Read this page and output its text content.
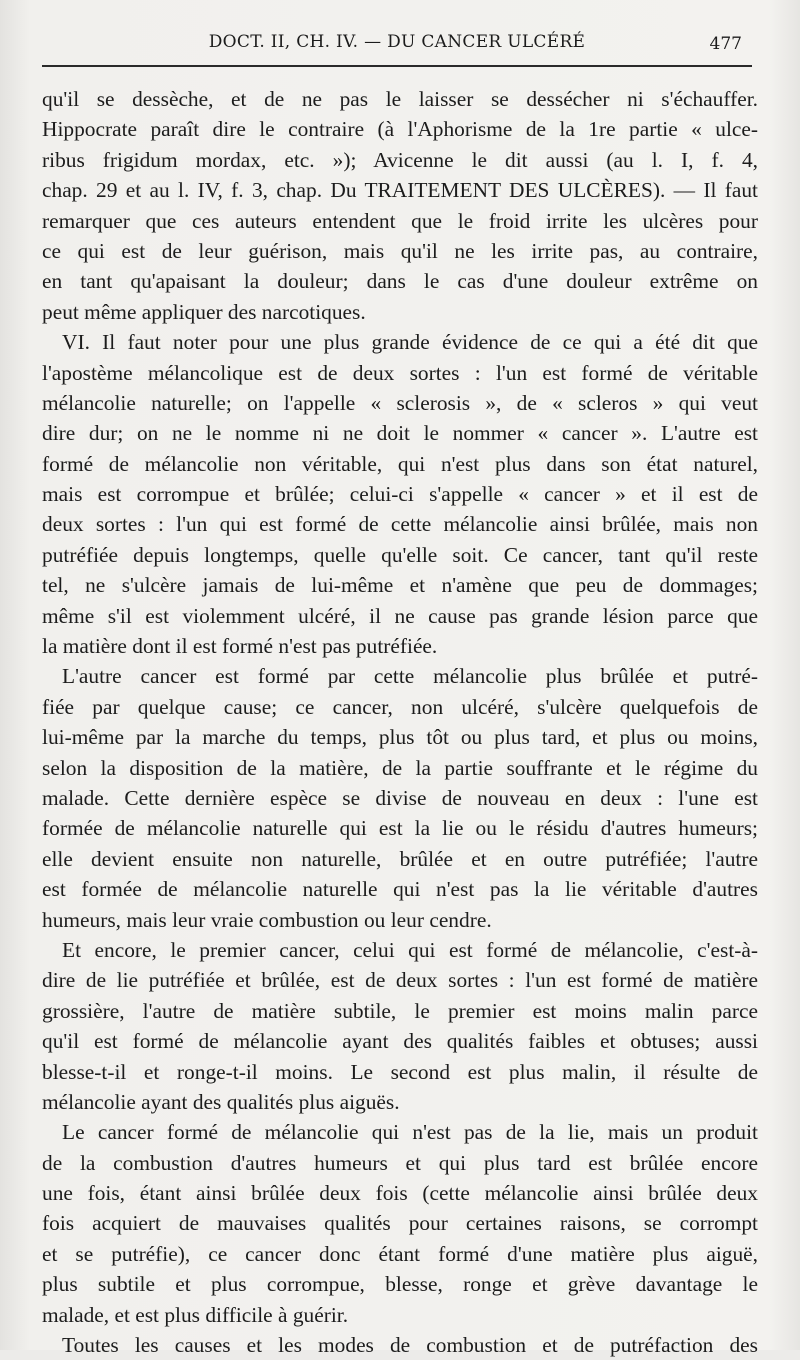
DOCT. II, CH. IV. — DU CANCER ULCÉRÉ	477
qu'il se dessèche, et de ne pas le laisser se dessécher ni s'échauffer.
Hippocrate paraît dire le contraire (à l'Aphorisme de la 1re partie « ulce-
ribus frigidum mordax, etc. »); Avicenne le dit aussi (au l. I, f. 4,
chap. 29 et au l. IV, f. 3, chap. Du TRAITEMENT DES ULCÈRES). — Il faut
remarquer que ces auteurs entendent que le froid irrite les ulcères pour
ce qui est de leur guérison, mais qu'il ne les irrite pas, au contraire,
en tant qu'apaisant la douleur; dans le cas d'une douleur extrême on
peut même appliquer des narcotiques.
VI. Il faut noter pour une plus grande évidence de ce qui a été dit que
l'apostème mélancolique est de deux sortes : l'un est formé de véritable
mélancolie naturelle; on l'appelle « sclerosis », de « scleros » qui veut
dire dur; on ne le nomme ni ne doit le nommer « cancer ». L'autre est
formé de mélancolie non véritable, qui n'est plus dans son état naturel,
mais est corrompue et brûlée; celui-ci s'appelle « cancer » et il est de
deux sortes : l'un qui est formé de cette mélancolie ainsi brûlée, mais non
putréfiée depuis longtemps, quelle qu'elle soit. Ce cancer, tant qu'il reste
tel, ne s'ulcère jamais de lui-même et n'amène que peu de dommages;
même s'il est violemment ulcéré, il ne cause pas grande lésion parce que
la matière dont il est formé n'est pas putréfiée.
L'autre cancer est formé par cette mélancolie plus brûlée et putré-
fiée par quelque cause; ce cancer, non ulcéré, s'ulcère quelquefois de
lui-même par la marche du temps, plus tôt ou plus tard, et plus ou moins,
selon la disposition de la matière, de la partie souffrante et le régime du
malade. Cette dernière espèce se divise de nouveau en deux : l'une est
formée de mélancolie naturelle qui est la lie ou le résidu d'autres humeurs;
elle devient ensuite non naturelle, brûlée et en outre putréfiée; l'autre
est formée de mélancolie naturelle qui n'est pas la lie véritable d'autres
humeurs, mais leur vraie combustion ou leur cendre.
Et encore, le premier cancer, celui qui est formé de mélancolie, c'est-à-
dire de lie putréfiée et brûlée, est de deux sortes : l'un est formé de matière
grossière, l'autre de matière subtile, le premier est moins malin parce
qu'il est formé de mélancolie ayant des qualités faibles et obtuses; aussi
blesse-t-il et ronge-t-il moins. Le second est plus malin, il résulte de
mélancolie ayant des qualités plus aiguës.
Le cancer formé de mélancolie qui n'est pas de la lie, mais un produit
de la combustion d'autres humeurs et qui plus tard est brûlée encore
une fois, étant ainsi brûlée deux fois (cette mélancolie ainsi brûlée deux
fois acquiert de mauvaises qualités pour certaines raisons, se corrompt
et se putréfie), ce cancer donc étant formé d'une matière plus aiguë,
plus subtile et plus corrompue, blesse, ronge et grève davantage le
malade, et est plus difficile à guérir.
Toutes les causes et les modes de combustion et de putréfaction des
